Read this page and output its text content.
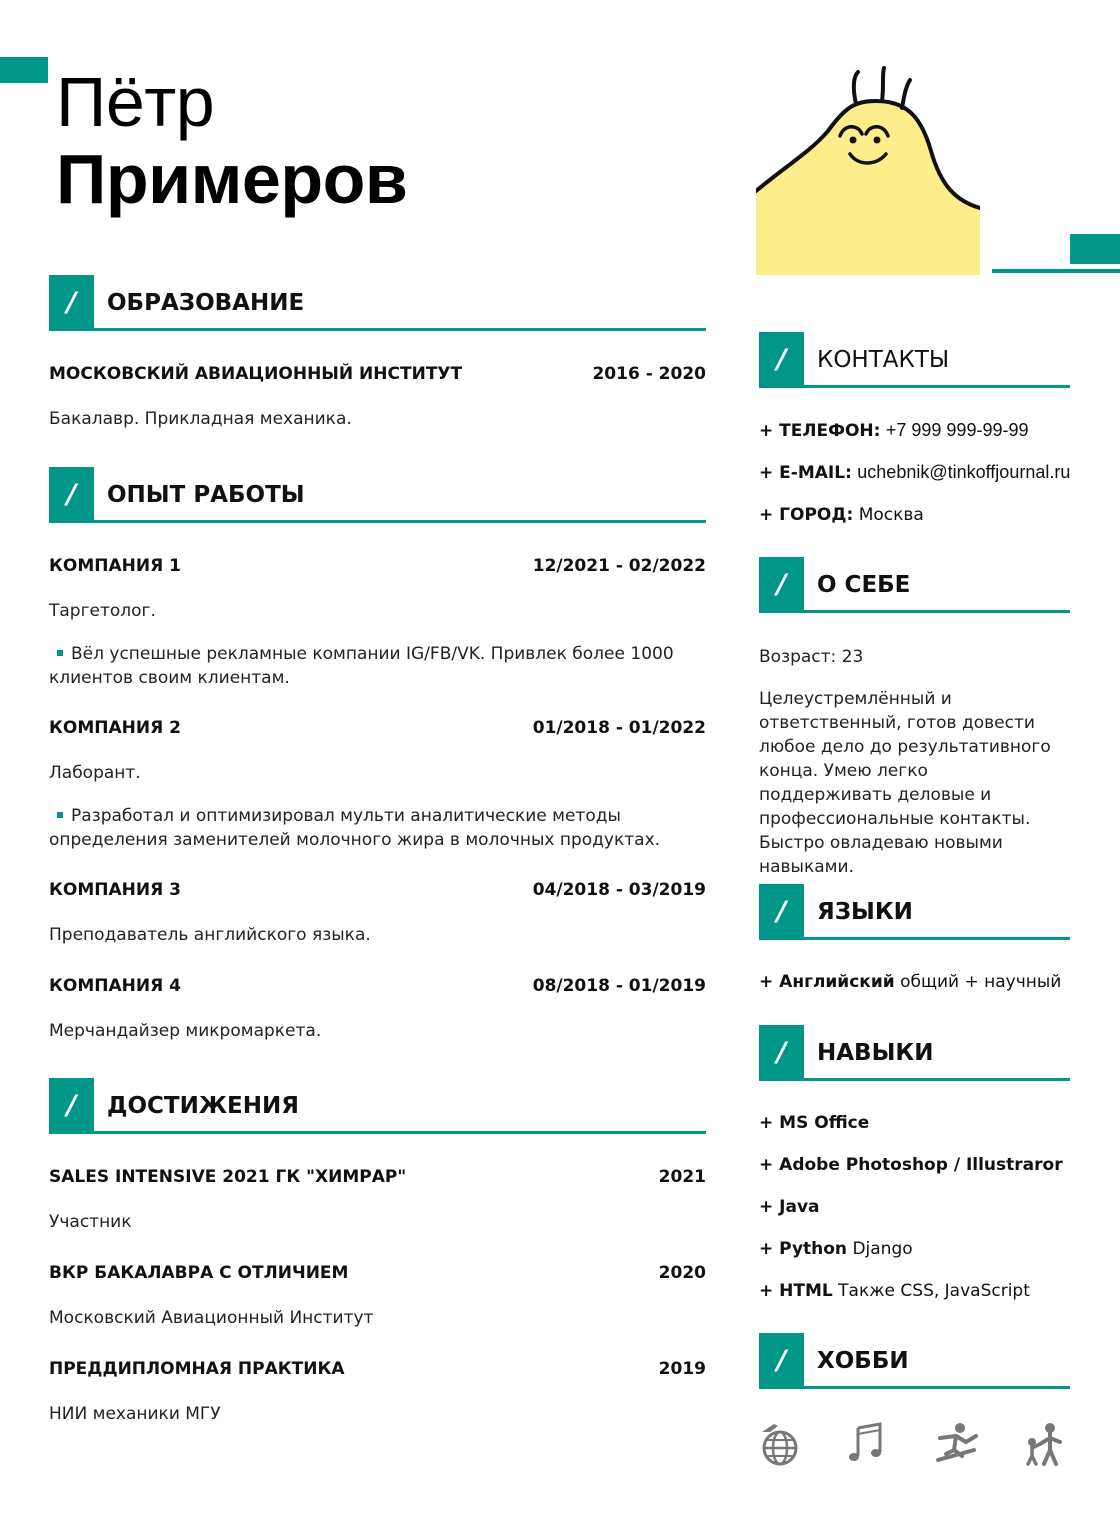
Пётр
Примеров
/	ОБРАЗОВАНИЕ
МОСКОВСКИЙ АВИАЦИОННЫЙ ИНСТИТУТ	2016 - 2020
Бакалавр. Прикладная механика.
/	ОПЫТ РАБОТЫ
КОМПАНИЯ 1	12/2021 - 02/2022
Таргетолог.
Вёл успешные рекламные компании IG/FB/VK. Привлек более 1000 клиентов своим клиентам.
КОМПАНИЯ 2	01/2018 - 01/2022
Лаборант.
Разработал и оптимизировал мульти аналитические методы определения заменителей молочного жира в молочных продуктах.
КОМПАНИЯ 3	04/2018 - 03/2019
Преподаватель английского языка.
КОМПАНИЯ 4	08/2018 - 01/2019
Мерчандайзер микромаркета.
/	ДОСТИЖЕНИЯ
SALES INTENSIVE 2021 ГК "ХИМРАР"	2021
Участник
ВКР БАКАЛАВРА С ОТЛИЧИЕМ	2020
Московский Авиационный Институт
ПРЕДДИПЛОМНАЯ ПРАКТИКА	2019
НИИ механики МГУ
/	КОНТАКТЫ
+ ТЕЛЕФОН: +7 999 999-99-99
+ E-MAIL: uchebnik@tinkoffjournal.ru
+ ГОРОД: Москва
/	О СЕБЕ
Возраст: 23
Целеустремлённый и ответственный, готов довести любое дело до результативного конца. Умею легко поддерживать деловые и профессиональные контакты. Быстро овладеваю новыми навыками.
/	ЯЗЫКИ
+ Английский общий + научный
/	НАВЫКИ
+ MS Office
+ Adobe Photoshop / Illustraror
+ Java
+ Python Django
+ HTML Также CSS, JavaScript
/	ХОББИ
